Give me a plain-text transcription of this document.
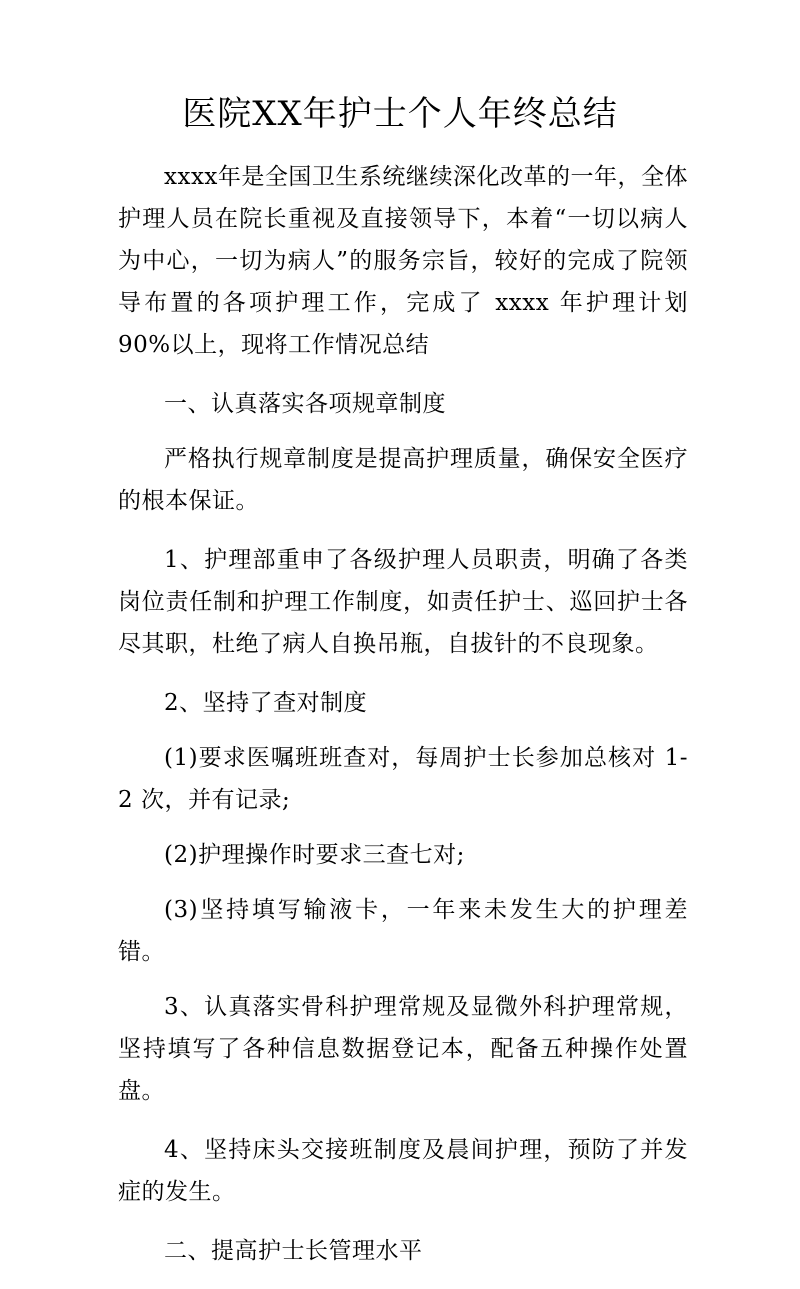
医院XX年护士个人年终总结

xxxx年是全国卫生系统继续深化改革的一年，全体护理人员在院长重视及直接领导下，本着“一切以病人为中心，一切为病人”的服务宗旨，较好的完成了院领导布置的各项护理工作，完成了 xxxx 年护理计划 90%以上，现将工作情况总结

一、认真落实各项规章制度

严格执行规章制度是提高护理质量，确保安全医疗的根本保证。

1、护理部重申了各级护理人员职责，明确了各类岗位责任制和护理工作制度，如责任护士、巡回护士各尽其职，杜绝了病人自换吊瓶，自拔针的不良现象。

2、坚持了查对制度

(1)要求医嘱班班查对，每周护士长参加总核对 1-2 次，并有记录;

(2)护理操作时要求三查七对;

(3)坚持填写输液卡，一年来未发生大的护理差错。

3、认真落实骨科护理常规及显微外科护理常规，坚持填写了各种信息数据登记本，配备五种操作处置盘。

4、坚持床头交接班制度及晨间护理，预防了并发症的发生。

二、提高护士长管理水平
